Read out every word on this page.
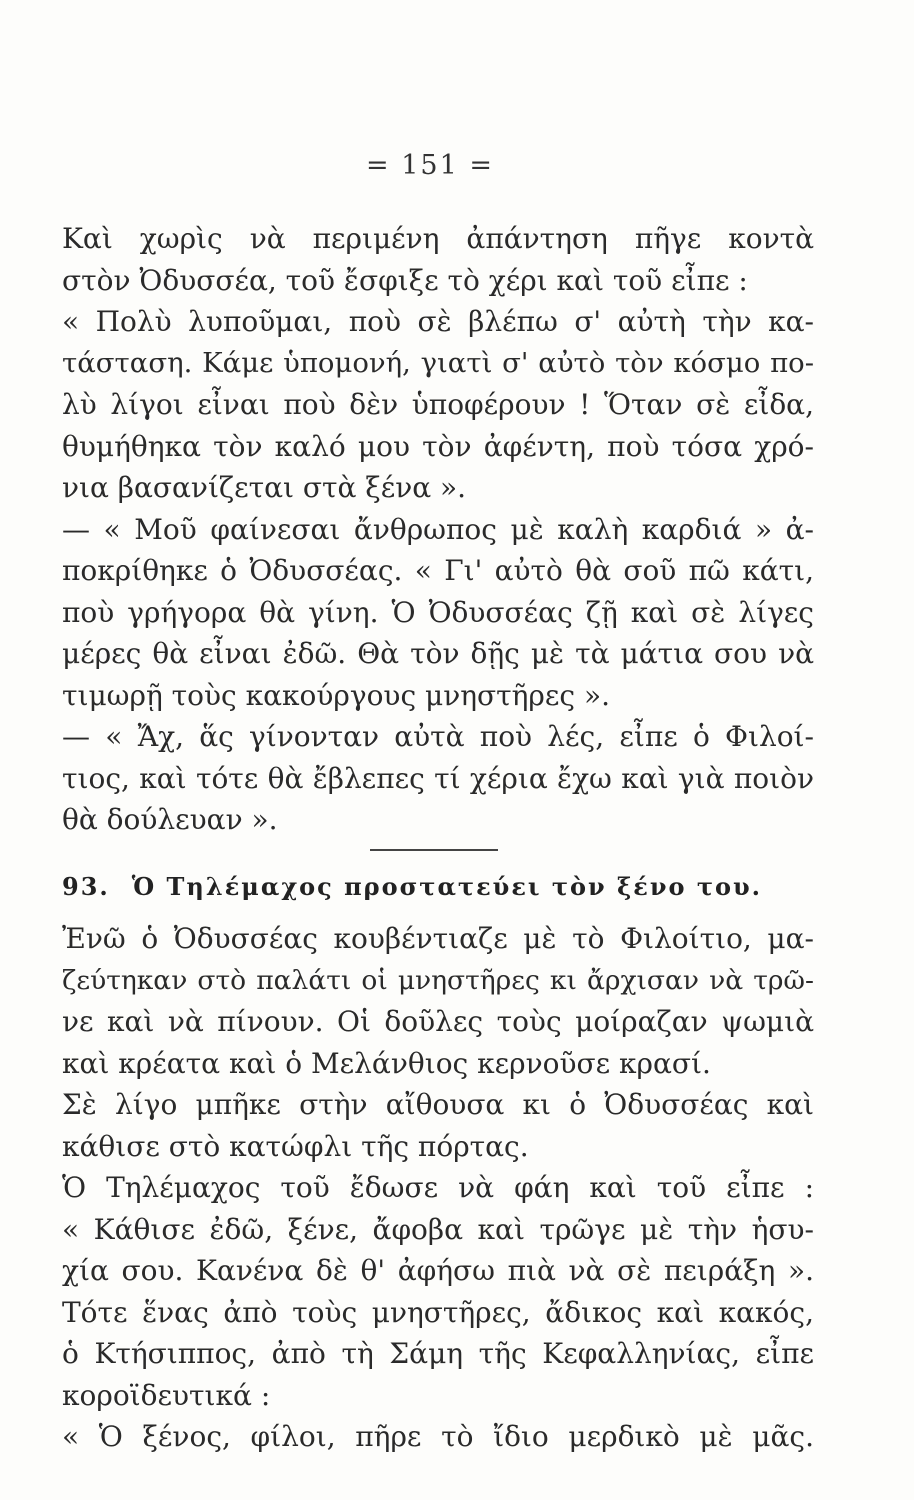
= 151 =
Καὶ χωρὶς νὰ περιμένη ἀπάντηση πῆγε κοντὰ
στὸν Ὀδυσσέα, τοῦ ἔσφιξε τὸ χέρι καὶ τοῦ εἶπε :
« Πολὺ λυποῦμαι, ποὺ σὲ βλέπω σ' αὐτὴ τὴν κα-
τάσταση. Κάμε ὑπομονή, γιατὶ σ' αὐτὸ τὸν κόσμο πο-
λὺ λίγοι εἶναι ποὺ δὲν ὑποφέρουν ! Ὅταν σὲ εἶδα,
θυμήθηκα τὸν καλό μου τὸν ἀφέντη, ποὺ τόσα χρό-
νια βασανίζεται στὰ ξένα ».
— « Μοῦ φαίνεσαι ἄνθρωπος μὲ καλὴ καρδιά » ἀ-
ποκρίθηκε ὁ Ὀδυσσέας. « Γι' αὐτὸ θὰ σοῦ πῶ κάτι,
ποὺ γρήγορα θὰ γίνη. Ὁ Ὀδυσσέας ζῇ καὶ σὲ λίγες
μέρες θὰ εἶναι ἐδῶ. Θὰ τὸν δῇς μὲ τὰ μάτια σου νὰ
τιμωρῇ τοὺς κακούργους μνηστῆρες ».
— « Ἄχ, ἅς γίνονταν αὐτὰ ποὺ λές, εἶπε ὁ Φιλοί-
τιος, καὶ τότε θὰ ἔβλεπες τί χέρια ἔχω καὶ γιὰ ποιὸν
θὰ δούλευαν ».
93. Ὁ Τηλέμαχος προστατεύει τὸν ξένο του.
Ἐνῶ ὁ Ὀδυσσέας κουβέντιαζε μὲ τὸ Φιλοίτιο, μα-
ζεύτηκαν στὸ παλάτι οἱ μνηστῆρες κι ἄρχισαν νὰ τρῶ-
νε καὶ νὰ πίνουν. Οἱ δοῦλες τοὺς μοίραζαν ψωμιὰ
καὶ κρέατα καὶ ὁ Μελάνθιος κερνοῦσε κρασί.
Σὲ λίγο μπῆκε στὴν αἴθουσα κι ὁ Ὀδυσσέας καὶ
κάθισε στὸ κατώφλι τῆς πόρτας.
Ὁ Τηλέμαχος τοῦ ἔδωσε νὰ φάη καὶ τοῦ εἶπε :
« Κάθισε ἐδῶ, ξένε, ἄφοβα καὶ τρῶγε μὲ τὴν ἡσυ-
χία σου. Κανένα δὲ θ' ἀφήσω πιὰ νὰ σὲ πειράξη ».
Τότε ἕνας ἀπὸ τοὺς μνηστῆρες, ἄδικος καὶ κακός,
ὁ Κτήσιππος, ἀπὸ τὴ Σάμη τῆς Κεφαλληνίας, εἶπε
κοροϊδευτικά :
« Ὁ ξένος, φίλοι, πῆρε τὸ ἴδιο μερδικὸ μὲ μᾶς.
